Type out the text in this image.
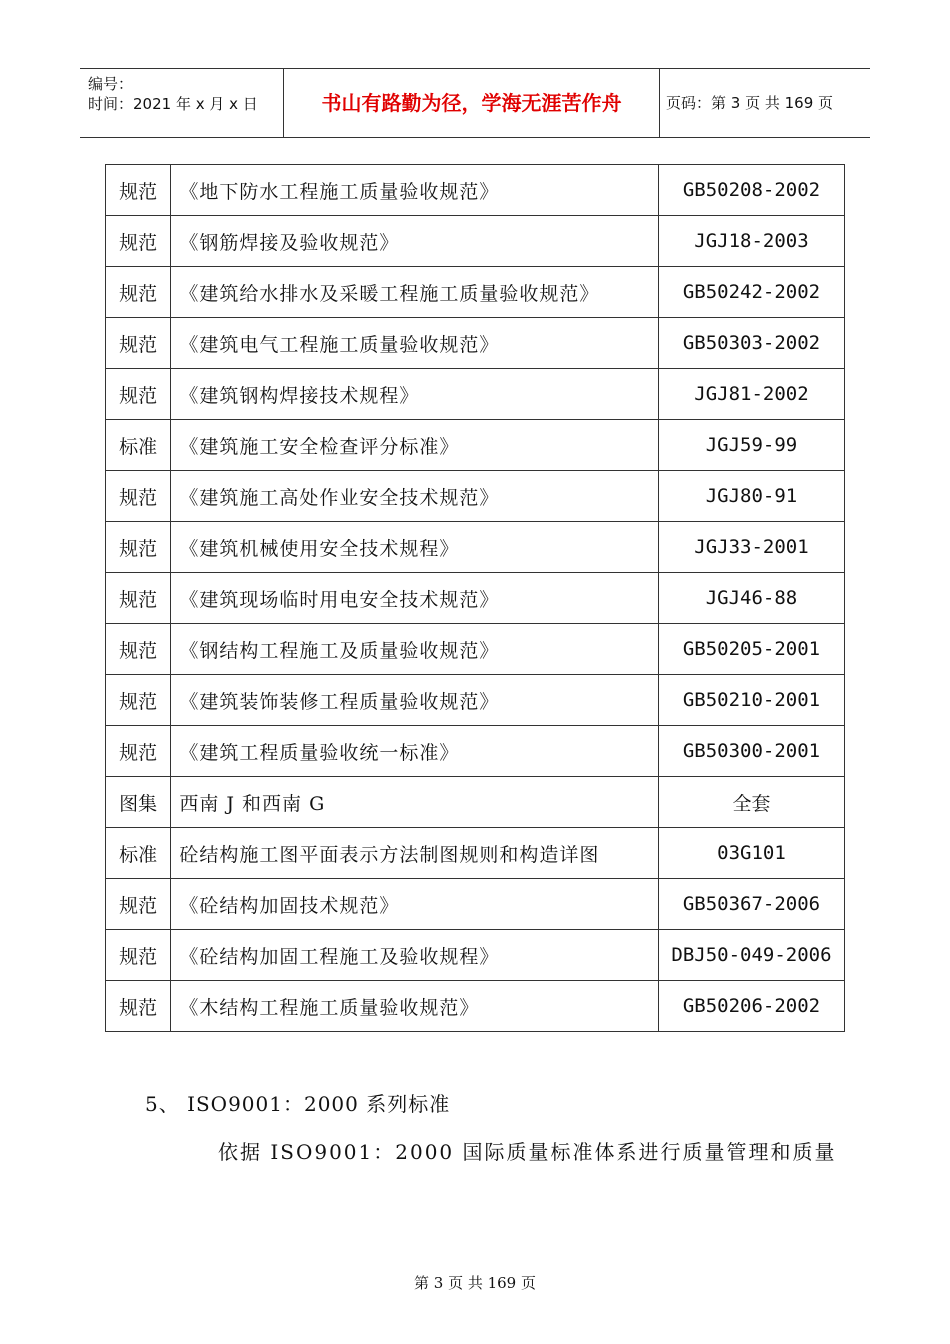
编号：
时间：2021 年 x 月 x 日	书山有路勤为径，学海无涯苦作舟	页码：第 3 页 共 169 页
规范	《地下防水工程施工质量验收规范》	GB50208-2002
规范	《钢筋焊接及验收规范》	JGJ18-2003
规范	《建筑给水排水及采暖工程施工质量验收规范》	GB50242-2002
规范	《建筑电气工程施工质量验收规范》	GB50303-2002
规范	《建筑钢构焊接技术规程》	JGJ81-2002
标准	《建筑施工安全检查评分标准》	JGJ59-99
规范	《建筑施工高处作业安全技术规范》	JGJ80-91
规范	《建筑机械使用安全技术规程》	JGJ33-2001
规范	《建筑现场临时用电安全技术规范》	JGJ46-88
规范	《钢结构工程施工及质量验收规范》	GB50205-2001
规范	《建筑装饰装修工程质量验收规范》	GB50210-2001
规范	《建筑工程质量验收统一标准》	GB50300-2001
图集	西南 J 和西南 G	全套
标准	砼结构施工图平面表示方法制图规则和构造详图	03G101
规范	《砼结构加固技术规范》	GB50367-2006
规范	《砼结构加固工程施工及验收规程》	DBJ50-049-2006
规范	《木结构工程施工质量验收规范》	GB50206-2002
5、 ISO9001：2000 系列标准
依据 ISO9001：2000 国际质量标准体系进行质量管理和质量
第 3 页 共 169 页
